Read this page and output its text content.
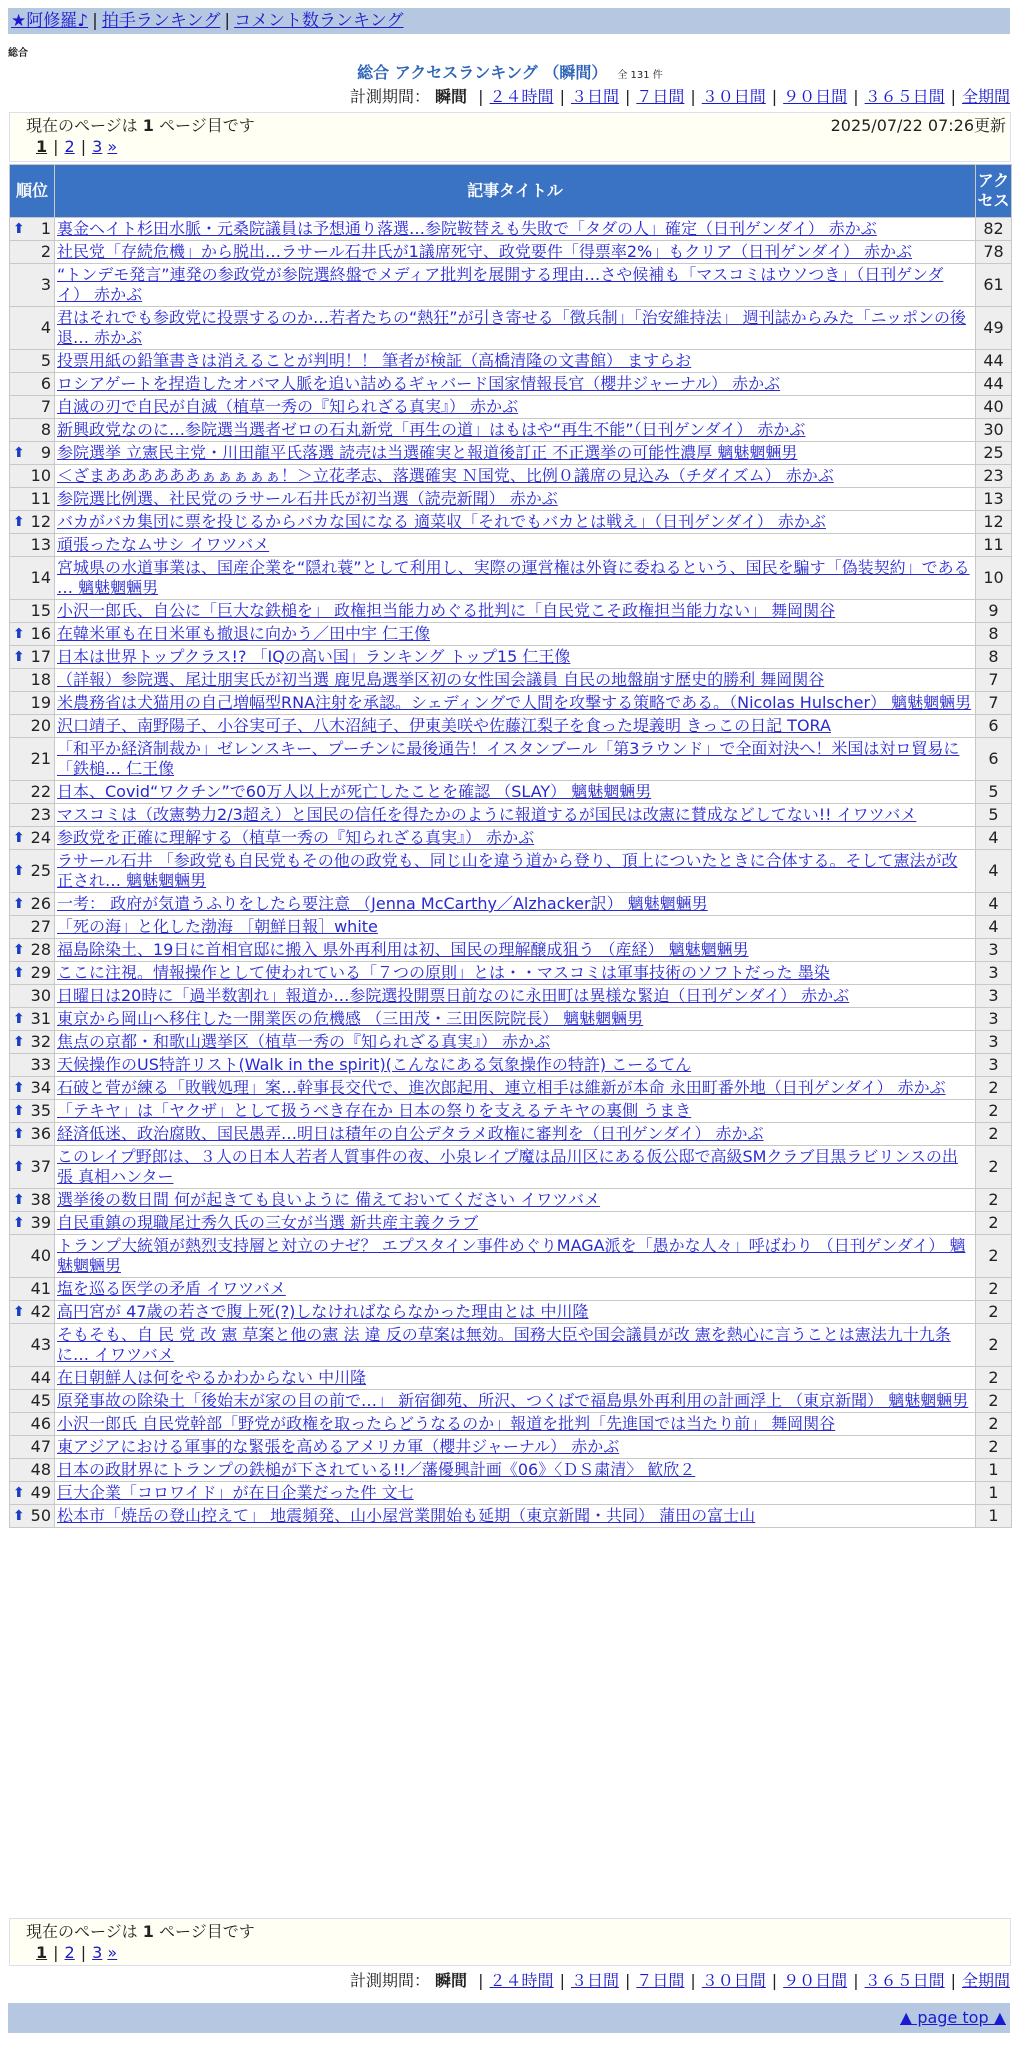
★阿修羅♪ | 拍手ランキング | コメント数ランキング
総合
総合 アクセスランキング （瞬間） 全 131 件
計測期間： 瞬間 | ２４時間 | ３日間 | ７日間 | ３０日間 | ９０日間 | ３６５日間 | 全期間
現在のページは 1 ページ目です	2025/07/22 07:26更新
1 | 2 | 3 »
順位	記事タイトル	アクセス

⬆ 1	裏金ヘイト杉田水脈・元桑院議員は予想通り落選…参院鞍替えも失敗で「タダの人」確定（日刊ゲンダイ） 赤かぶ	82
2	社民党「存続危機」から脱出…ラサール石井氏が1議席死守、政党要件「得票率2%」もクリア（日刊ゲンダイ） 赤かぶ	78
3	“トンデモ発言”連発の参政党が参院選終盤でメディア批判を展開する理由…さや候補も「マスコミはウソつき」（日刊ゲンダイ） 赤かぶ	61
4	君はそれでも参政党に投票するのか…若者たちの“熱狂”が引き寄せる「徴兵制」「治安維持法」 週刊誌からみた「ニッポンの後退… 赤かぶ	49
5	投票用紙の鉛筆書きは消えることが判明！！ 筆者が検証（高橋清隆の文書館） ますらお	44
6	ロシアゲートを捏造したオバマ人脈を追い詰めるギャバード国家情報長官（櫻井ジャーナル） 赤かぶ	44
7	自滅の刃で自民が自滅（植草一秀の『知られざる真実』） 赤かぶ	40
8	新興政党なのに…参院選当選者ゼロの石丸新党「再生の道」はもはや“再生不能”（日刊ゲンダイ） 赤かぶ	30

⬆ 9	参院選挙 立憲民主党・川田龍平氏落選 読売は当選確実と報道後訂正 不正選挙の可能性濃厚 魑魅魍魎男	25
10	＜ざまああああああぁぁぁぁぁ！＞立花孝志、落選確実 Ｎ国党、比例０議席の見込み（チダイズム） 赤かぶ	23
11	参院選比例選、社民党のラサール石井氏が初当選（読売新聞） 赤かぶ	13

⬆ 12	バカがバカ集団に票を投じるからバカな国になる 適菜収「それでもバカとは戦え」（日刊ゲンダイ） 赤かぶ	12
13	頑張ったなムサシ イワツバメ	11
14	宮城県の水道事業は、国産企業を“隠れ蓑”として利用し、実際の運営権は外資に委ねるという、国民を騙す「偽装契約」である … 魑魅魍魎男	10
15	小沢一郎氏、自公に「巨大な鉄槌を」 政権担当能力めぐる批判に「自民党こそ政権担当能力ない」 舞岡関谷	9

⬆ 16	在韓米軍も在日米軍も撤退に向かう／田中宇 仁王像	8

⬆ 17	日本は世界トップクラス!? 「IQの高い国」ランキング トップ15 仁王像	8
18	（詳報）参院選、尾辻朋実氏が初当選 鹿児島選挙区初の女性国会議員 自民の地盤崩す歴史的勝利 舞岡関谷	7
19	米農務省は犬猫用の自己増幅型RNA注射を承認。シェディングで人間を攻撃する策略である。（Nicolas Hulscher） 魑魅魍魎男	7
20	沢口靖子、南野陽子、小谷実可子、八木沼純子、伊東美咲や佐藤江梨子を食った堤義明 きっこの日記 TORA	6
21	「和平か経済制裁か」ゼレンスキー、プーチンに最後通告！イスタンブール「第3ラウンド」で全面対決へ！米国は対ロ貿易に「鉄槌… 仁王像	6
22	日本、Covid“ワクチン”で60万人以上が死亡したことを確認 （SLAY） 魑魅魍魎男	5
23	マスコミは（改憲勢力2/3超え）と国民の信任を得たかのように報道するが国民は改憲に賛成などしてない!! イワツバメ	5

⬆ 24	参政党を正確に理解する（植草一秀の『知られざる真実』） 赤かぶ	4

⬆ 25	ラサール石井 「参政党も自民党もその他の政党も、同じ山を違う道から登り、頂上についたときに合体する。そして憲法が改正され… 魑魅魍魎男	4

⬆ 26	一考： 政府が気遣うふりをしたら要注意 （Jenna McCarthy／Alzhacker訳） 魑魅魍魎男	4
27	「死の海」と化した渤海 ［朝鮮日報］white	4

⬆ 28	福島除染土、19日に首相官邸に搬入 県外再利用は初、国民の理解醸成狙う （産経） 魑魅魍魎男	3

⬆ 29	ここに注視。情報操作として使われている「７つの原則」とは・・マスコミは軍事技術のソフトだった 墨染	3
30	日曜日は20時に「過半数割れ」報道か…参院選投開票日前なのに永田町は異様な緊迫（日刊ゲンダイ） 赤かぶ	3

⬆ 31	東京から岡山へ移住した一開業医の危機感 （三田茂・三田医院院長） 魑魅魍魎男	3

⬆ 32	焦点の京都・和歌山選挙区（植草一秀の『知られざる真実』） 赤かぶ	3
33	天候操作のUS特許リスト(Walk in the spirit)(こんなにある気象操作の特許) こーるてん	3

⬆ 34	石破と菅が練る「敗戦処理」案…幹事長交代で、進次郎起用、連立相手は維新が本命 永田町番外地（日刊ゲンダイ） 赤かぶ	2

⬆ 35	「テキヤ」は「ヤクザ」として扱うべき存在か 日本の祭りを支えるテキヤの裏側 うまき	2

⬆ 36	経済低迷、政治腐敗、国民愚弄…明日は積年の自公デタラメ政権に審判を（日刊ゲンダイ） 赤かぶ	2

⬆ 37	このレイプ野郎は、３人の日本人若者人質事件の夜、小泉レイプ魔は品川区にある仮公邸で高級SMクラブ目黒ラビリンスの出張 真相ハンター	2

⬆ 38	選挙後の数日間 何が起きても良いように 備えておいてください イワツバメ	2

⬆ 39	自民重鎮の現職尾辻秀久氏の三女が当選 新共産主義クラブ	2
40	トランプ大統領が熱烈支持層と対立のナゼ？ エプスタイン事件めぐりMAGA派を「愚かな人々」呼ばわり （日刊ゲンダイ） 魑魅魍魎男	2
41	塩を巡る医学の矛盾 イワツバメ	2

⬆ 42	高円宮が 47歳の若さで腹上死(?)しなければならなかった理由とは 中川隆	2
43	そもそも、自 民 党 改 憲 草案と他の憲 法 違 反の草案は無効。国務大臣や国会議員が改 憲を熱心に言うことは憲法九十九条に… イワツバメ	2
44	在日朝鮮人は何をやるかわからない 中川隆	2
45	原発事故の除染土「後始末が家の目の前で…」 新宿御苑、所沢、つくばで福島県外再利用の計画浮上 （東京新聞） 魑魅魍魎男	2
46	小沢一郎氏 自民党幹部「野党が政権を取ったらどうなるのか」報道を批判「先進国では当たり前」 舞岡関谷	2
47	東アジアにおける軍事的な緊張を高めるアメリカ軍（櫻井ジャーナル） 赤かぶ	2
48	日本の政財界にトランプの鉄槌が下されている!!／藩優興計画《06》〈ＤＳ粛清〉 歓欣２	1

⬆ 49	巨大企業「コロワイド」が在日企業だった件 文七	1

⬆ 50	松本市「焼岳の登山控えて」 地震頻発、山小屋営業開始も延期（東京新聞・共同） 蒲田の富士山	1
現在のページは 1 ページ目です
1 | 2 | 3 »
計測期間： 瞬間 | ２４時間 | ３日間 | ７日間 | ３０日間 | ９０日間 | ３６５日間 | 全期間
▲ page top ▲
